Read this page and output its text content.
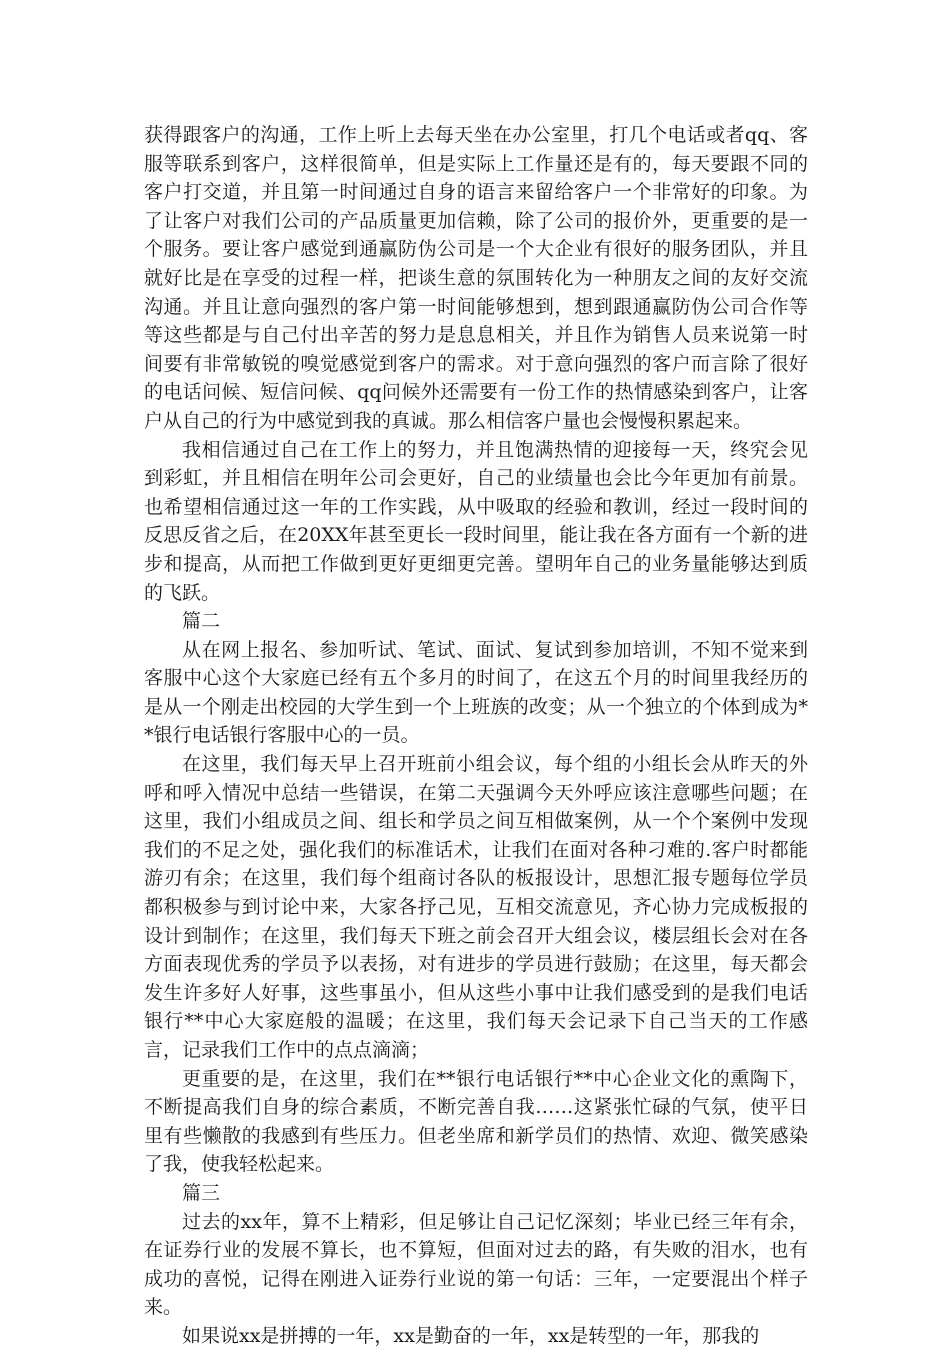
获得跟客户的沟通，工作上听上去每天坐在办公室里，打几个电话或者qq、客服等联系到客户，这样很简单，但是实际上工作量还是有的，每天要跟不同的客户打交道，并且第一时间通过自身的语言来留给客户一个非常好的印象。为了让客户对我们公司的产品质量更加信赖，除了公司的报价外，更重要的是一个服务。要让客户感觉到通赢防伪公司是一个大企业有很好的服务团队，并且就好比是在享受的过程一样，把谈生意的氛围转化为一种朋友之间的友好交流沟通。并且让意向强烈的客户第一时间能够想到，想到跟通赢防伪公司合作等等这些都是与自己付出辛苦的努力是息息相关，并且作为销售人员来说第一时间要有非常敏锐的嗅觉感觉到客户的需求。对于意向强烈的客户而言除了很好的电话问候、短信问候、qq问候外还需要有一份工作的热情感染到客户，让客户从自己的行为中感觉到我的真诚。那么相信客户量也会慢慢积累起来。

我相信通过自己在工作上的努力，并且饱满热情的迎接每一天，终究会见到彩虹，并且相信在明年公司会更好，自己的业绩量也会比今年更加有前景。也希望相信通过这一年的工作实践，从中吸取的经验和教训，经过一段时间的反思反省之后，在20XX年甚至更长一段时间里，能让我在各方面有一个新的进步和提高，从而把工作做到更好更细更完善。望明年自己的业务量能够达到质的飞跃。

篇二

从在网上报名、参加听试、笔试、面试、复试到参加培训，不知不觉来到客服中心这个大家庭已经有五个多月的时间了，在这五个月的时间里我经历的是从一个刚走出校园的大学生到一个上班族的改变；从一个独立的个体到成为**银行电话银行客服中心的一员。

在这里，我们每天早上召开班前小组会议，每个组的小组长会从昨天的外呼和呼入情况中总结一些错误，在第二天强调今天外呼应该注意哪些问题；在这里，我们小组成员之间、组长和学员之间互相做案例，从一个个案例中发现我们的不足之处，强化我们的标准话术，让我们在面对各种刁难的.客户时都能游刃有余；在这里，我们每个组商讨各队的板报设计，思想汇报专题每位学员都积极参与到讨论中来，大家各抒己见，互相交流意见，齐心协力完成板报的设计到制作；在这里，我们每天下班之前会召开大组会议，楼层组长会对在各方面表现优秀的学员予以表扬，对有进步的学员进行鼓励；在这里，每天都会发生许多好人好事，这些事虽小，但从这些小事中让我们感受到的是我们电话银行**中心大家庭般的温暖；在这里，我们每天会记录下自己当天的工作感言，记录我们工作中的点点滴滴；

更重要的是，在这里，我们在**银行电话银行**中心企业文化的熏陶下，不断提高我们自身的综合素质，不断完善自我……这紧张忙碌的气氛，使平日里有些懒散的我感到有些压力。但老坐席和新学员们的热情、欢迎、微笑感染了我，使我轻松起来。

篇三

过去的xx年，算不上精彩，但足够让自己记忆深刻；毕业已经三年有余，在证券行业的发展不算长，也不算短，但面对过去的路，有失败的泪水，也有成功的喜悦，记得在刚进入证券行业说的第一句话：三年，一定要混出个样子来。

如果说xx是拼搏的一年，xx是勤奋的一年，xx是转型的一年，那我的
